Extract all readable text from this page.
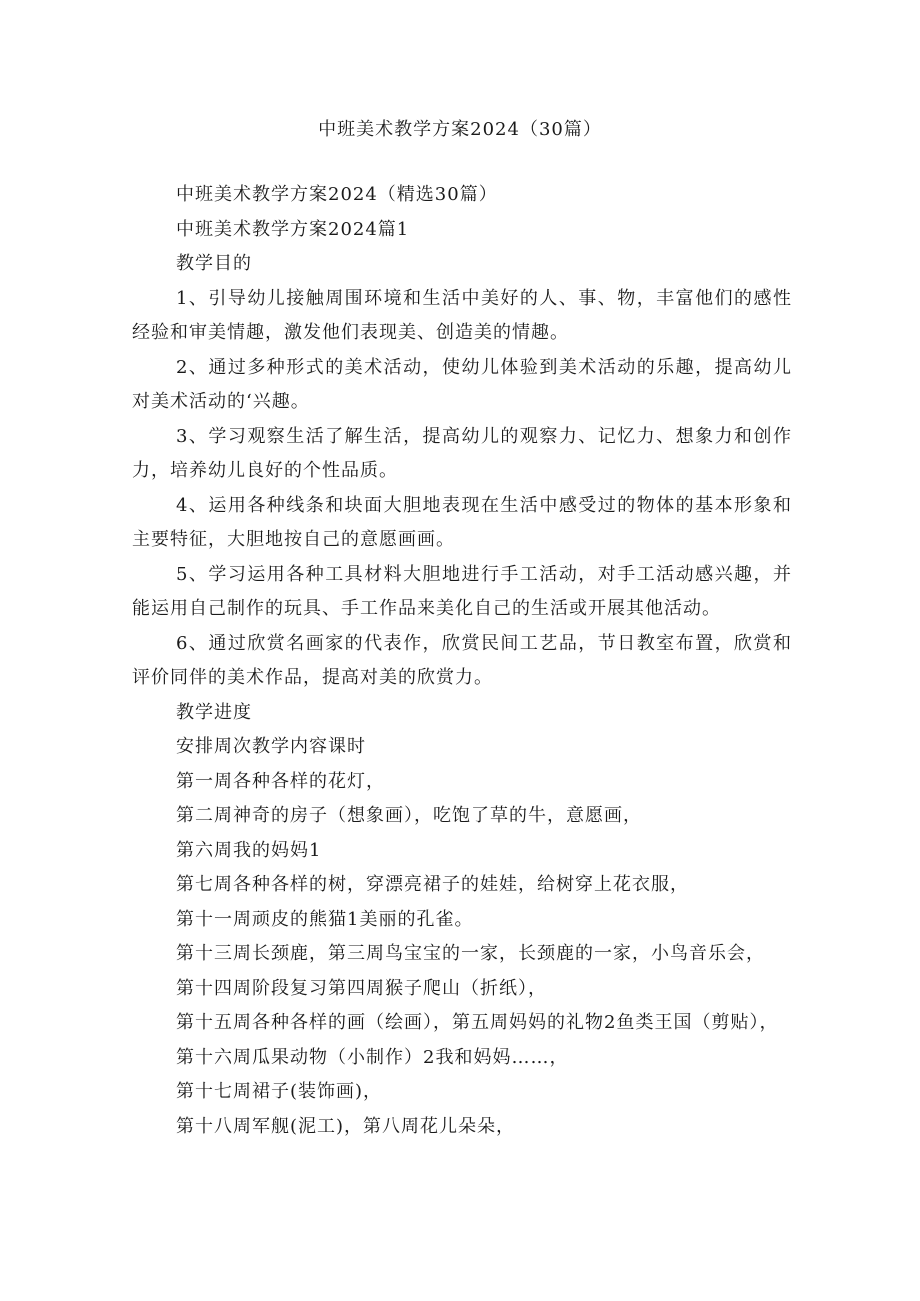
中班美术教学方案2024（30篇）

中班美术教学方案2024（精选30篇）

中班美术教学方案2024篇1

教学目的

1、引导幼儿接触周围环境和生活中美好的人、事、物，丰富他们的感性经验和审美情趣，激发他们表现美、创造美的情趣。

2、通过多种形式的美术活动，使幼儿体验到美术活动的乐趣，提高幼儿对美术活动的‘兴趣。

3、学习观察生活了解生活，提高幼儿的观察力、记忆力、想象力和创作力，培养幼儿良好的个性品质。

4、运用各种线条和块面大胆地表现在生活中感受过的物体的基本形象和主要特征，大胆地按自己的意愿画画。

5、学习运用各种工具材料大胆地进行手工活动，对手工活动感兴趣，并能运用自己制作的玩具、手工作品来美化自己的生活或开展其他活动。

6、通过欣赏名画家的代表作，欣赏民间工艺品，节日教室布置，欣赏和评价同伴的美术作品，提高对美的欣赏力。

教学进度

安排周次教学内容课时

第一周各种各样的花灯，

第二周神奇的房子（想象画），吃饱了草的牛，意愿画，

第六周我的妈妈1

第七周各种各样的树，穿漂亮裙子的娃娃，给树穿上花衣服，

第十一周顽皮的熊猫1美丽的孔雀。

第十三周长颈鹿，第三周鸟宝宝的一家，长颈鹿的一家，小鸟音乐会，

第十四周阶段复习第四周猴子爬山（折纸），

第十五周各种各样的画（绘画），第五周妈妈的礼物2鱼类王国（剪贴），

第十六周瓜果动物（小制作）2我和妈妈……，

第十七周裙子(装饰画)，

第十八周军舰(泥工)，第八周花儿朵朵，
